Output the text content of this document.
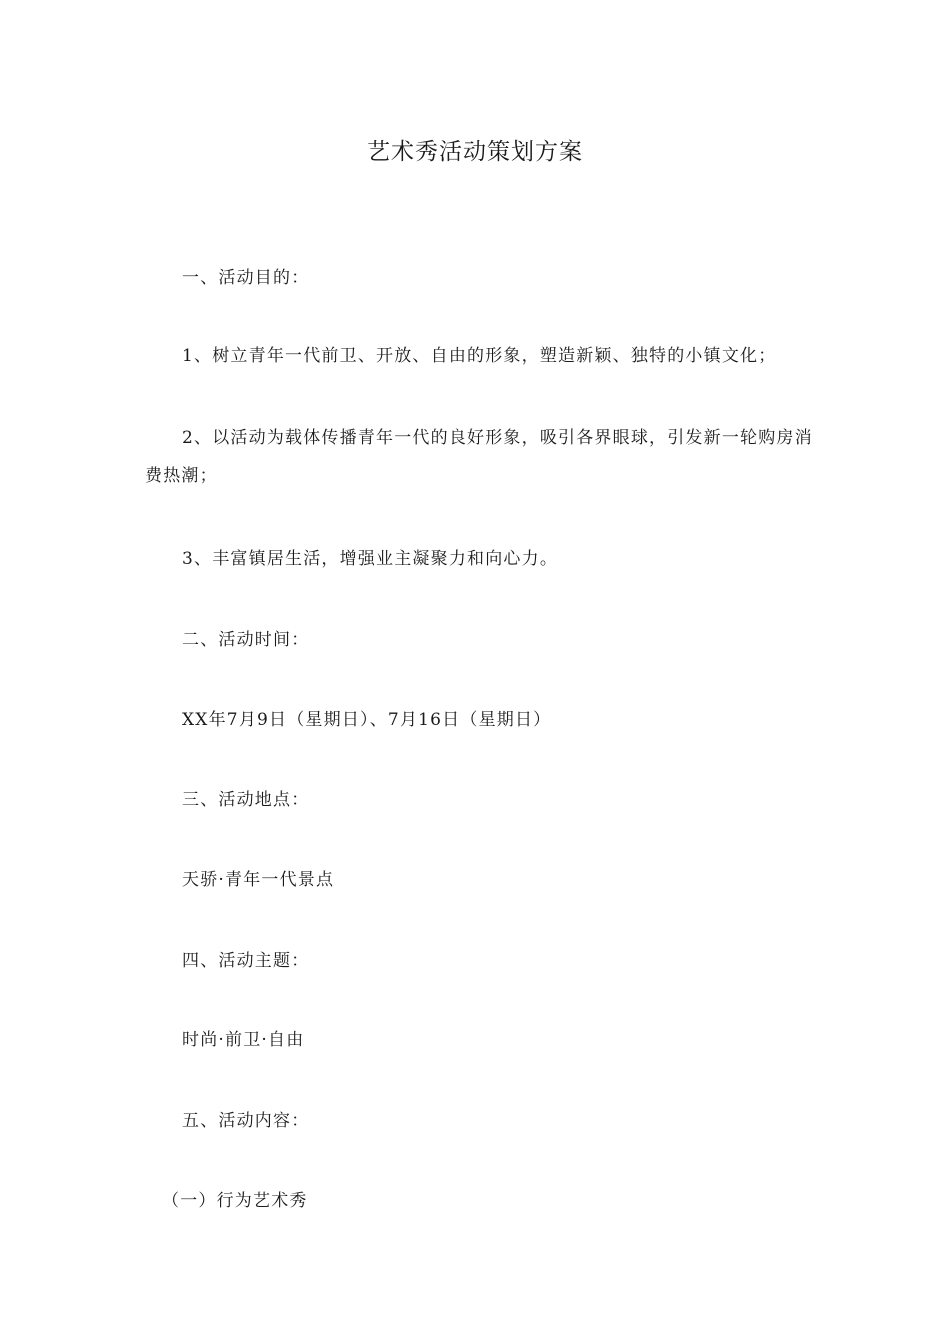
艺术秀活动策划方案
一、活动目的：
1、树立青年一代前卫、开放、自由的形象，塑造新颖、独特的小镇文化；
2、以活动为载体传播青年一代的良好形象，吸引各界眼球，引发新一轮购房消费热潮；
3、丰富镇居生活，增强业主凝聚力和向心力。
二、活动时间：
XX年7月9日（星期日）、7月16日（星期日）
三、活动地点：
天骄·青年一代景点
四、活动主题：
时尚·前卫·自由
五、活动内容：
（一）行为艺术秀
